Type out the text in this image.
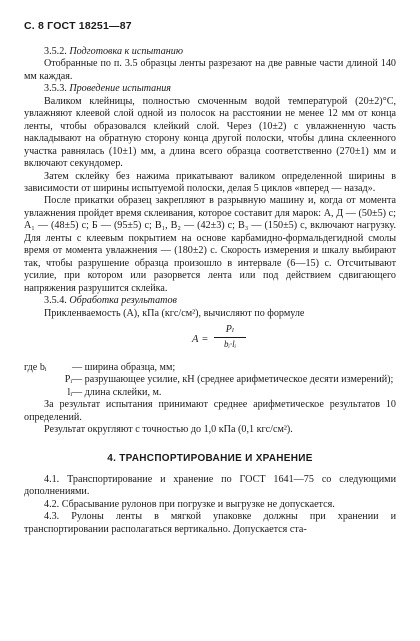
С. 8 ГОСТ 18251—87

3.5.2. Подготовка к испытанию

Отобранные по п. 3.5 образцы ленты разрезают на две равные части длиной 140 мм каждая.

3.5.3. Проведение испытания

Валиком клейницы, полностью смоченным водой температурой (20±2)°С, увлажняют клеевой слой одной из полосок на расстоянии не менее 12 мм от конца ленты, чтобы образовался клейкий слой. Через (10±2) с увлажненную часть накладывают на обратную сторону конца другой полоски, чтобы длина склеенного участка равнялась (10±1) мм, а длина всего образца соответственно (270±1) мм и включают секундомер.

Затем склейку без нажима прикатывают валиком определенной ширины в зависимости от ширины испытуемой полоски, делая 5 циклов «вперед — назад».

После прикатки образец закрепляют в разрывную машину и, когда от момента увлажнения пройдет время склеивания, которое составит для марок: А, Д — (50±5) с; А₁ — (48±5) с; Б — (95±5) с; В₁, В₂ — (42±3) с; В₃ — (150±5) с, включают нагрузку. Для ленты с клеевым покрытием на основе карбамидно-формальдегидной смолы время от момента увлажнения — (180±2) с. Скорость измерения и шкалу выбирают так, чтобы разрушение образца произошло в интервале (6—15) с. Отсчитывают усилие, при котором или разорвется лента или под действием сдвигающего напряжения разрушится склейка.

3.5.4. Обработка результатов

Прикленваемость (А), кПа (кгс/см²), вычисляют по формуле

A =
Pₗ
bᵢ·lᵢ
где bᵢ	— ширина образца, мм;
Pᵢ — разрушающее усилие, кН (среднее арифметическое десяти измерений);
lᵢ — длина склейки, м.

За результат испытания принимают среднее арифметическое результатов 10 определений.

Результат округляют с точностью до 1,0 кПа (0,1 кгс/см²).

4. ТРАНСПОРТИРОВАНИЕ И ХРАНЕНИЕ

4.1. Транспортирование и хранение по ГОСТ 1641—75 со следующими дополнениями.

4.2. Сбрасывание рулонов при погрузке и выгрузке не допускается.

4.3. Рулоны ленты в мягкой упаковке должны при хранении и транспортировании располагаться вертикально. Допускается ста-
